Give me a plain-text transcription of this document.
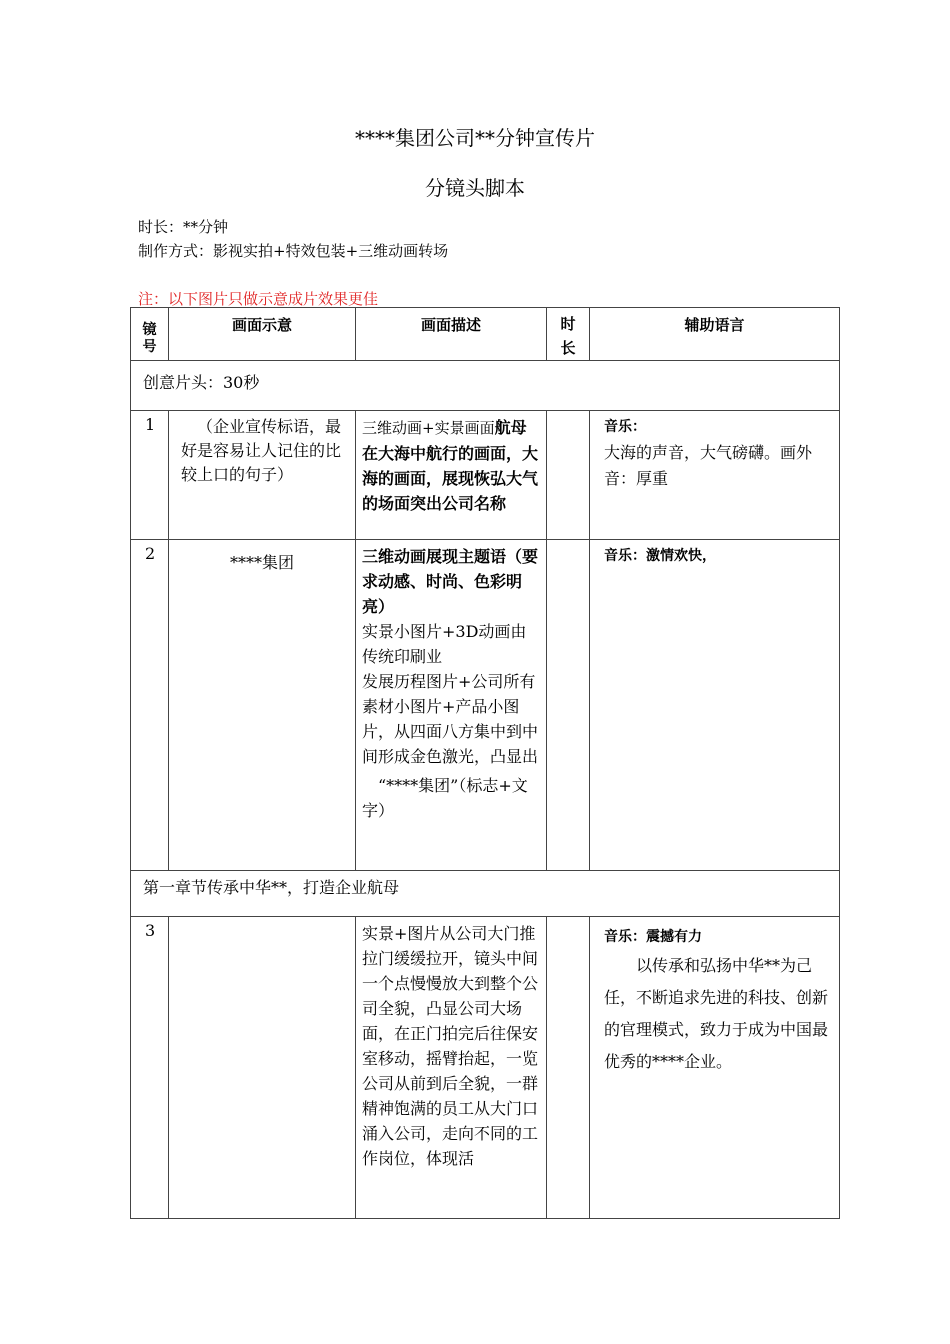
****集团公司**分钟宣传片
分镜头脚本
时长：**分钟
制作方式：影视实拍+特效包装+三维动画转场
注：以下图片只做示意成片效果更佳
镜号	画面示意	画面描述	时长	辅助语言

创意片头：30秒				
1	（企业宣传标语，最好是容易让人记住的比较上口的句子）	三维动画+实景画面航母在大海中航行的画面，大海的画面，展现恢弘大气的场面突出公司名称		音乐：
大海的声音，大气磅礴。画外音：厚重

2	****集团	三维动画展现主题语（要求动感、时尚、色彩明亮）
实景小图片+3D动画由传统印刷业
发展历程图片+公司所有素材小图片+产品小图片，从四面八方集中到中间形成金色激光，凸显出
“****集团”（标志+文字）		音乐：激情欢快，

第一章节传承中华**，打造企业航母				
3		实景+图片从公司大门推拉门缓缓拉开，镜头中间一个点慢慢放大到整个公司全貌，凸显公司大场面，在正门拍完后往保安室移动，摇臂抬起，一览公司从前到后全貌，一群精神饱满的员工从大门口涌入公司，走向不同的工作岗位，体现活		音乐：震撼有力
以传承和弘扬中华**为己任，不断追求先进的科技、创新的官理模式，致力于成为中国最优秀的****企业。
